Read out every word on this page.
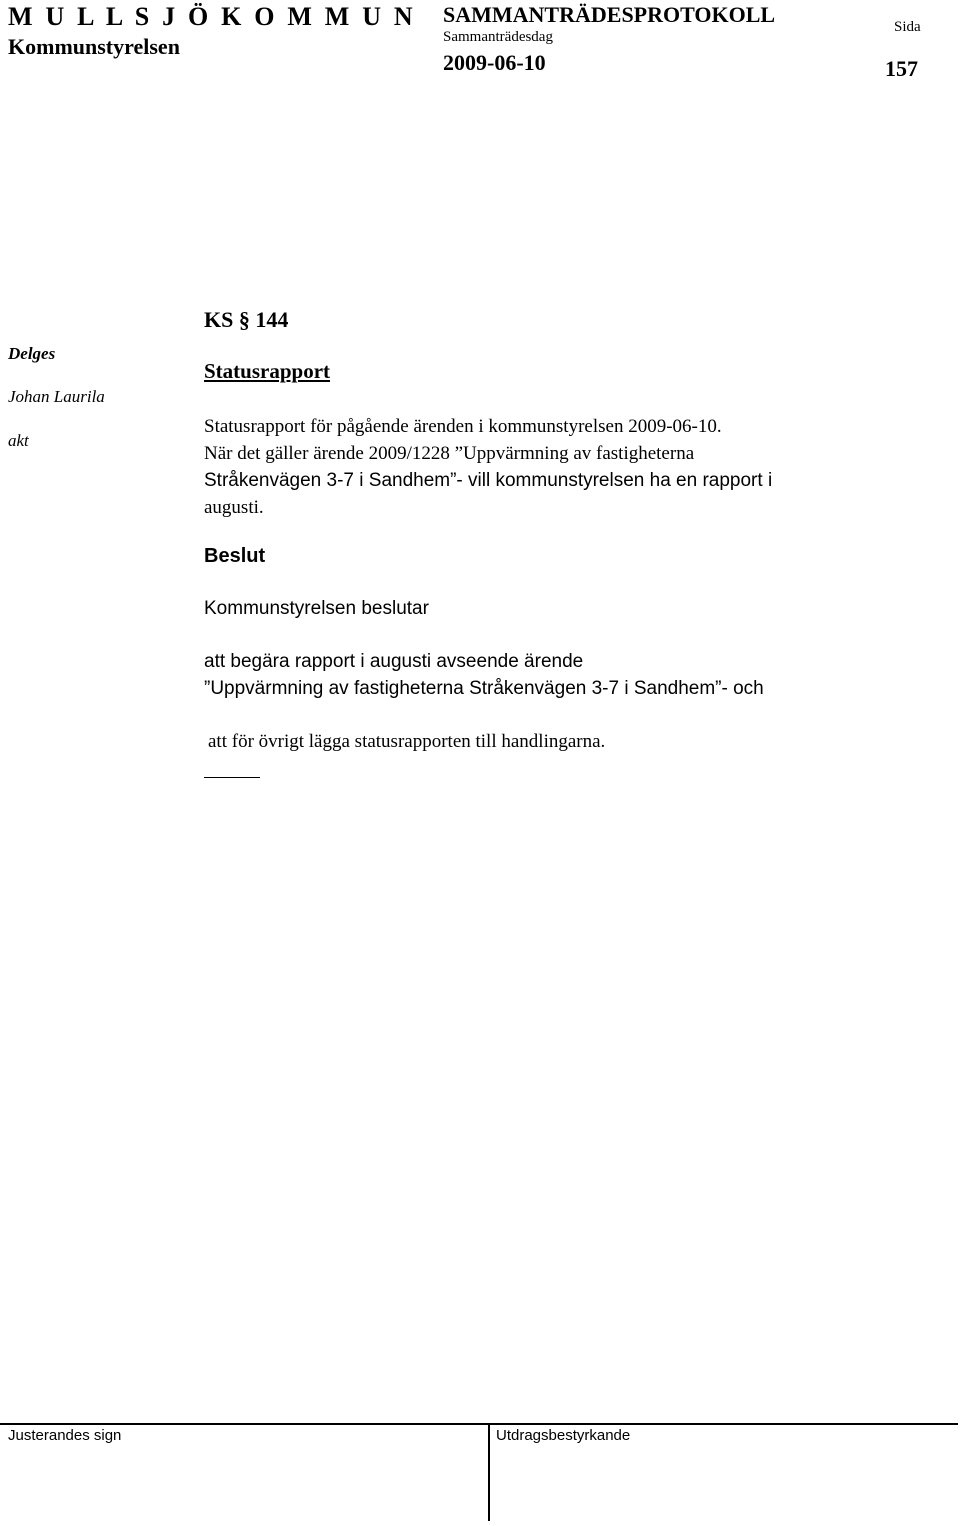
M U L L S J Ö K O M M U N
Kommunstyrelsen
SAMMANTRÄDESPROTOKOLL
Sammanträdesdag
2009-06-10
Sida
157
Delges
Johan Laurila
akt
KS § 144
Statusrapport
Statusrapport för pågående ärenden i kommunstyrelsen 2009-06-10.
När det gäller ärende 2009/1228 ”Uppvärmning av fastigheterna
Stråkenvägen 3-7 i Sandhem”- vill kommunstyrelsen ha en rapport i
augusti.
Beslut
Kommunstyrelsen beslutar
att begära rapport i augusti avseende ärende
”Uppvärmning av fastigheterna Stråkenvägen 3-7 i Sandhem”- och
att för övrigt lägga statusrapporten till handlingarna.
Justerandes sign	Utdragsbestyrkande
